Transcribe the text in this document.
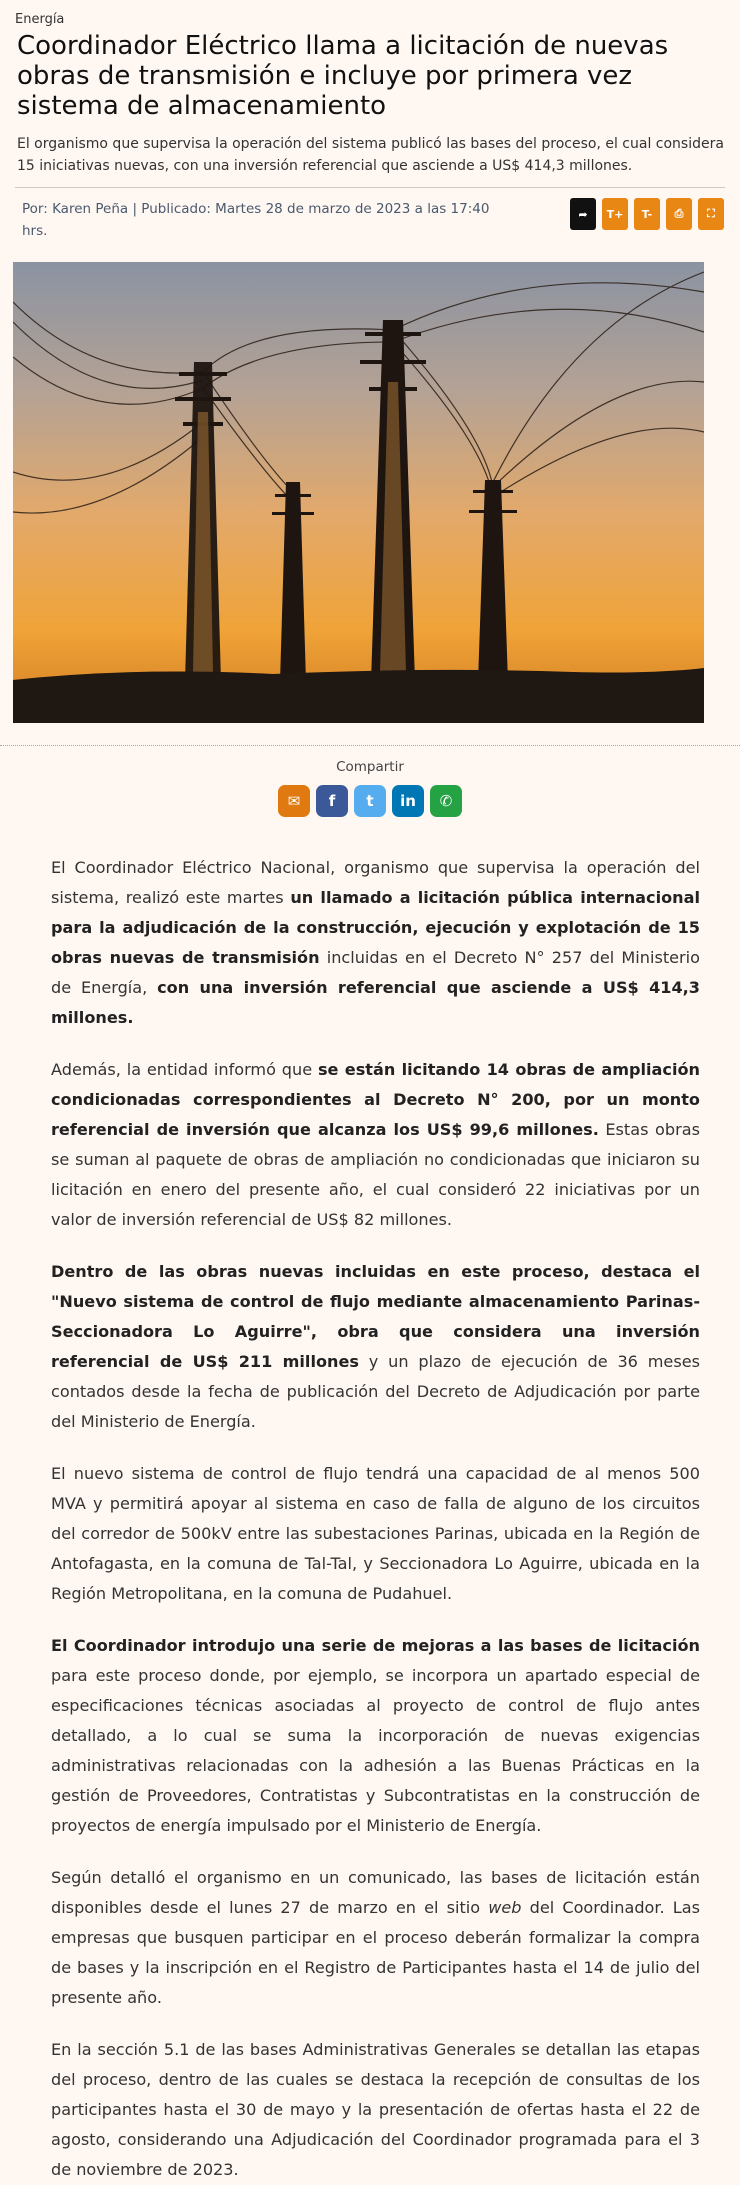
Energía
Coordinador Eléctrico llama a licitación de nuevas obras de transmisión e incluye por primera vez sistema de almacenamiento
El organismo que supervisa la operación del sistema publicó las bases del proceso, el cual considera 15 iniciativas nuevas, con una inversión referencial que asciende a US$ 414,3 millones.
Por: Karen Peña | Publicado: Martes 28 de marzo de 2023 a las 17:40 hrs.
➦	T+	T-	⎙	⛶
Compartir
✉	f	t	in	✆

El Coordinador Eléctrico Nacional, organismo que supervisa la operación del sistema, realizó este martes un llamado a licitación pública internacional para la adjudicación de la construcción, ejecución y explotación de 15 obras nuevas de transmisión incluidas en el Decreto N° 257 del Ministerio de Energía, con una inversión referencial que asciende a US$ 414,3 millones.

Además, la entidad informó que se están licitando 14 obras de ampliación condicionadas correspondientes al Decreto N° 200, por un monto referencial de inversión que alcanza los US$ 99,6 millones. Estas obras se suman al paquete de obras de ampliación no condicionadas que iniciaron su licitación en enero del presente año, el cual consideró 22 iniciativas por un valor de inversión referencial de US$ 82 millones.

Dentro de las obras nuevas incluidas en este proceso, destaca el "Nuevo sistema de control de flujo mediante almacenamiento Parinas-Seccionadora Lo Aguirre", obra que considera una inversión referencial de US$ 211 millones y un plazo de ejecución de 36 meses contados desde la fecha de publicación del Decreto de Adjudicación por parte del Ministerio de Energía.

El nuevo sistema de control de flujo tendrá una capacidad de al menos 500 MVA y permitirá apoyar al sistema en caso de falla de alguno de los circuitos del corredor de 500kV entre las subestaciones Parinas, ubicada en la Región de Antofagasta, en la comuna de Tal-Tal, y Seccionadora Lo Aguirre, ubicada en la Región Metropolitana, en la comuna de Pudahuel.

El Coordinador introdujo una serie de mejoras a las bases de licitación para este proceso donde, por ejemplo, se incorpora un apartado especial de especificaciones técnicas asociadas al proyecto de control de flujo antes detallado, a lo cual se suma la incorporación de nuevas exigencias administrativas relacionadas con la adhesión a las Buenas Prácticas en la gestión de Proveedores, Contratistas y Subcontratistas en la construcción de proyectos de energía impulsado por el Ministerio de Energía.

Según detalló el organismo en un comunicado, las bases de licitación están disponibles desde el lunes 27 de marzo en el sitio web del Coordinador. Las empresas que busquen participar en el proceso deberán formalizar la compra de bases y la inscripción en el Registro de Participantes hasta el 14 de julio del presente año.

En la sección 5.1 de las bases Administrativas Generales se detallan las etapas del proceso, dentro de las cuales se destaca la recepción de consultas de los participantes hasta el 30 de mayo y la presentación de ofertas hasta el 22 de agosto, considerando una Adjudicación del Coordinador programada para el 3 de noviembre de 2023.
